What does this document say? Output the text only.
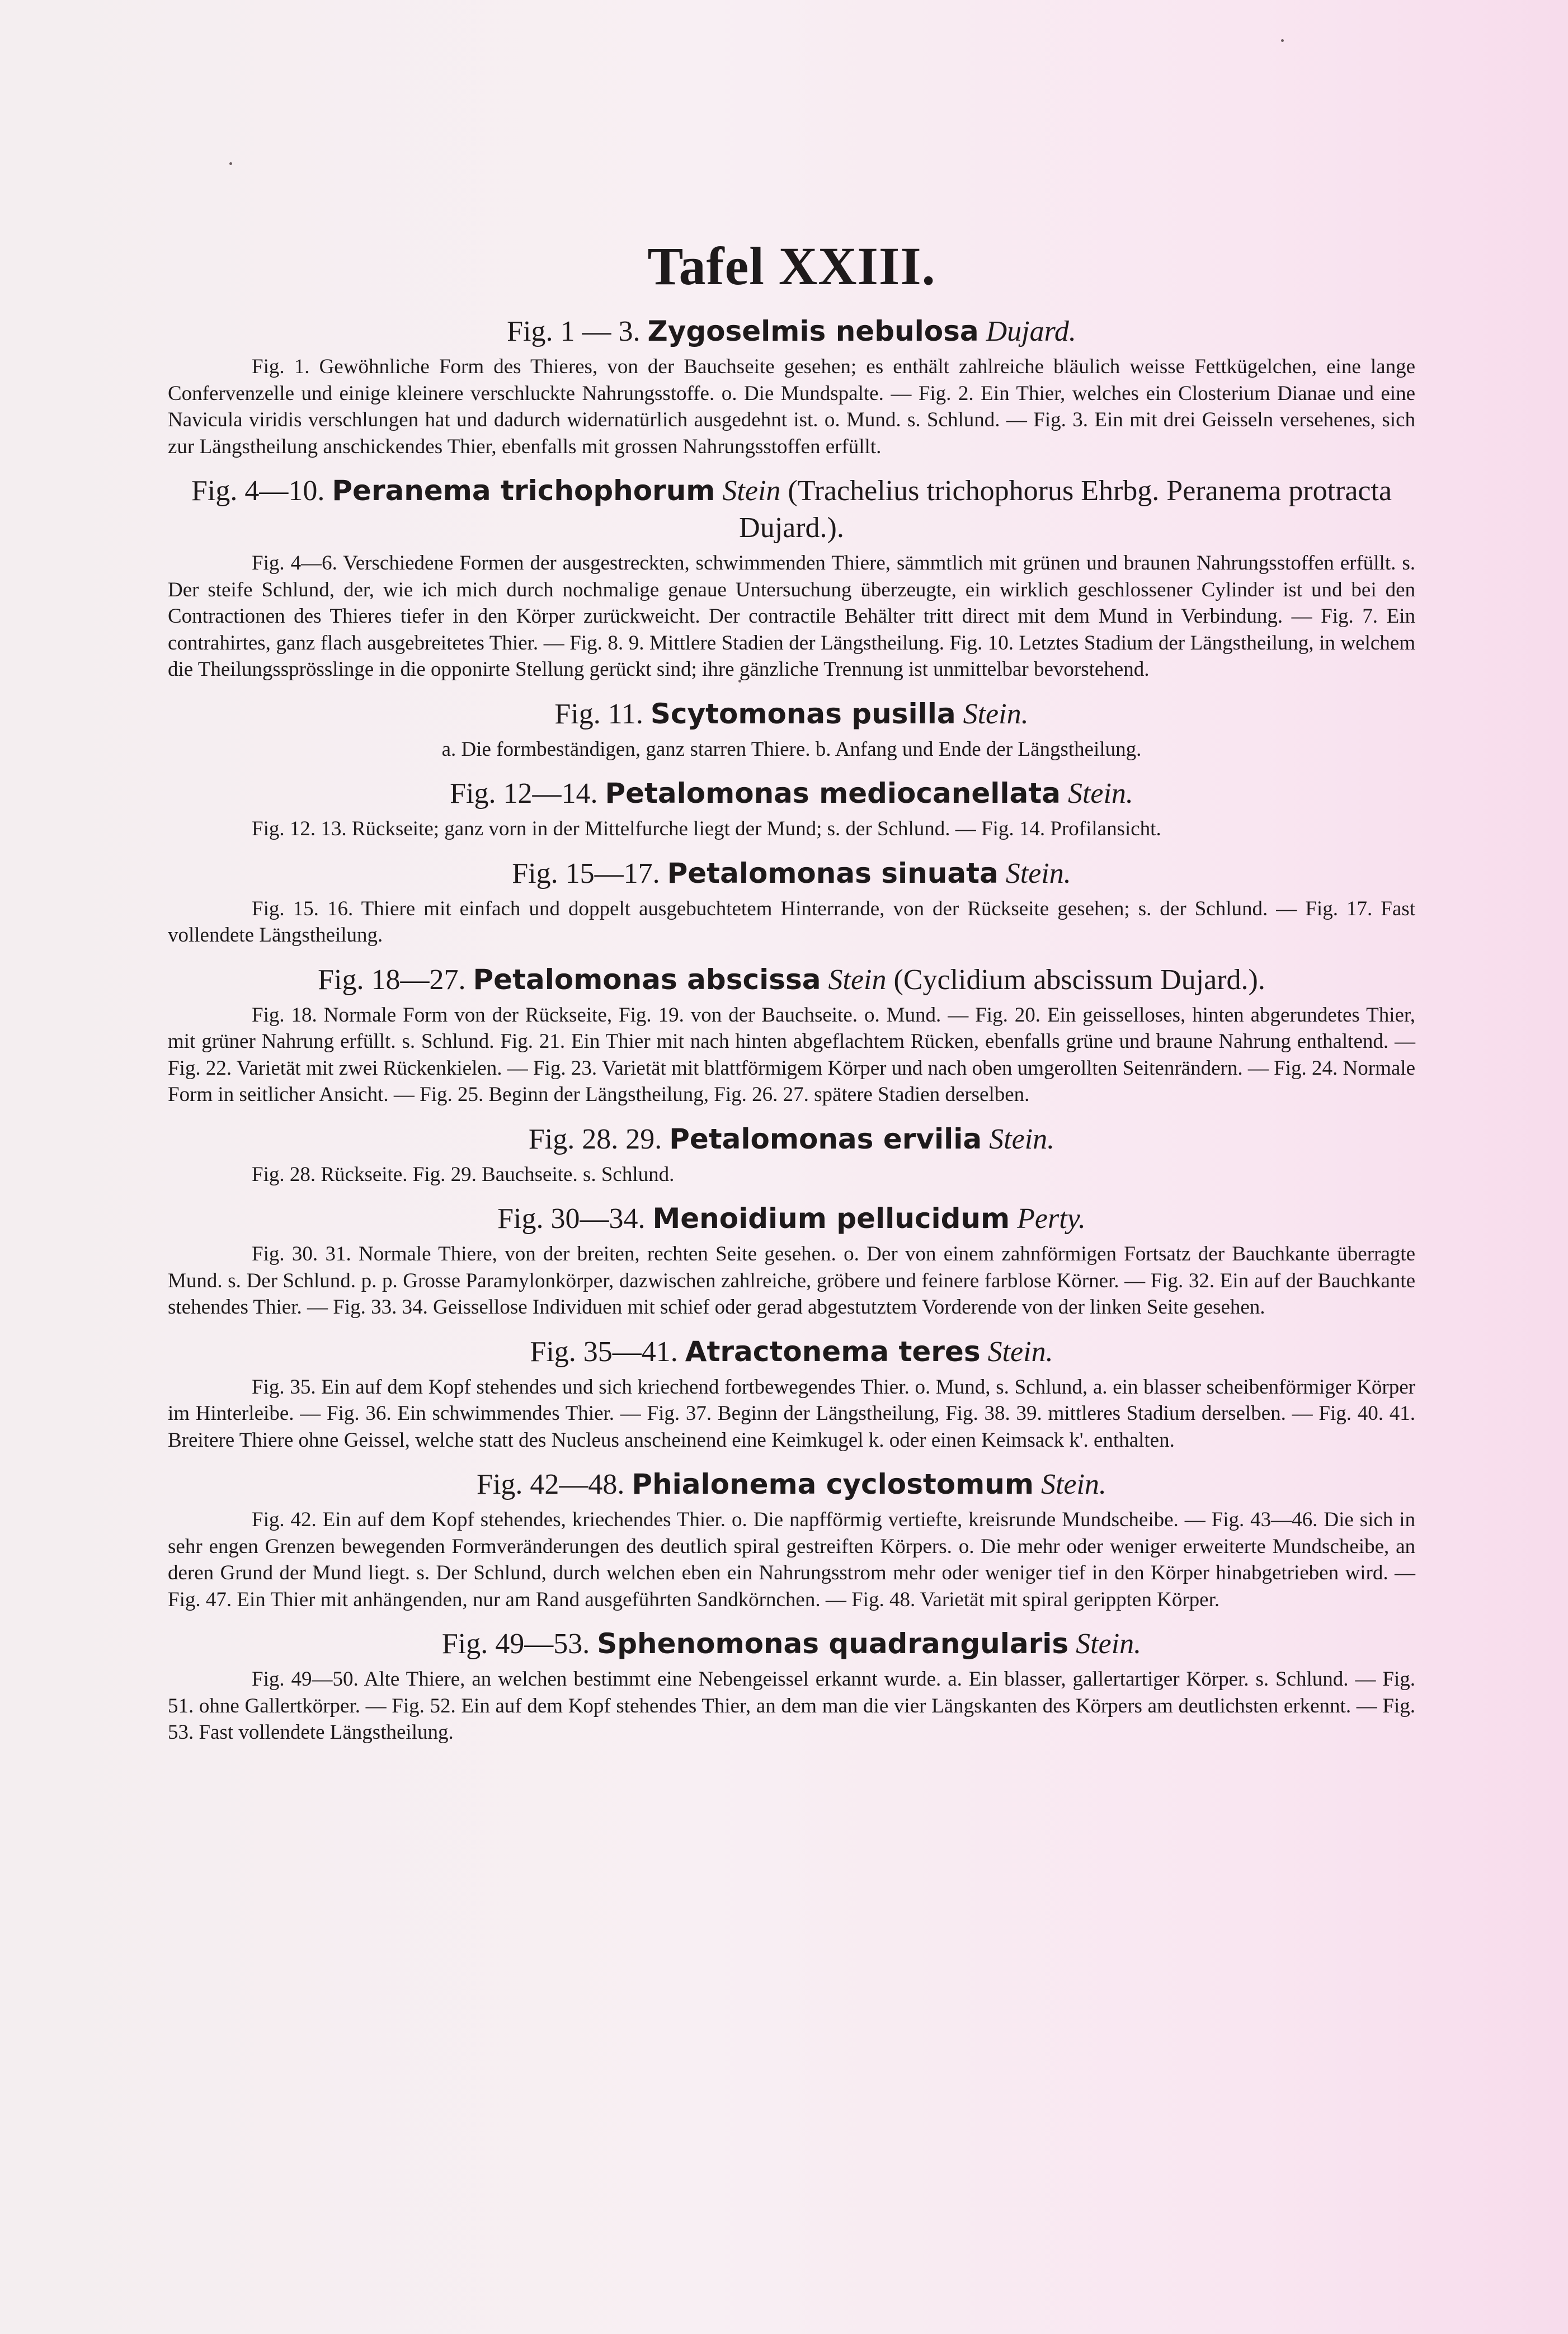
Tafel XXIII.
Fig. 1 — 3. Zygoselmis nebulosa Dujard.

Fig. 1. Gewöhnliche Form des Thieres, von der Bauchseite gesehen; es enthält zahlreiche bläulich weisse Fettkügelchen, eine lange Confervenzelle und einige kleinere verschluckte Nahrungsstoffe. o. Die Mundspalte. — Fig. 2. Ein Thier, welches ein Closterium Dianae und eine Navicula viridis verschlungen hat und dadurch widernatürlich ausgedehnt ist. o. Mund. s. Schlund. — Fig. 3. Ein mit drei Geisseln versehenes, sich zur Längstheilung anschickendes Thier, ebenfalls mit grossen Nahrungsstoffen erfüllt.

Fig. 4—10. Peranema trichophorum Stein (Trachelius trichophorus Ehrbg. Peranema protracta Dujard.).

Fig. 4—6. Verschiedene Formen der ausgestreckten, schwimmenden Thiere, sämmtlich mit grünen und braunen Nahrungsstoffen erfüllt. s. Der steife Schlund, der, wie ich mich durch nochmalige genaue Untersuchung überzeugte, ein wirklich geschlossener Cylinder ist und bei den Contractionen des Thieres tiefer in den Körper zurückweicht. Der contractile Behälter tritt direct mit dem Mund in Verbindung. — Fig. 7. Ein contrahirtes, ganz flach ausgebreitetes Thier. — Fig. 8. 9. Mittlere Stadien der Längstheilung. Fig. 10. Letztes Stadium der Längstheilung, in welchem die Theilungssprösslinge in die opponirte Stellung gerückt sind; ihre gänzliche Trennung ist unmittelbar bevorstehend.

Fig. 11. Scytomonas pusilla Stein.

a. Die formbeständigen, ganz starren Thiere. b. Anfang und Ende der Längstheilung.

Fig. 12—14. Petalomonas mediocanellata Stein.

Fig. 12. 13. Rückseite; ganz vorn in der Mittelfurche liegt der Mund; s. der Schlund. — Fig. 14. Profilansicht.

Fig. 15—17. Petalomonas sinuata Stein.

Fig. 15. 16. Thiere mit einfach und doppelt ausgebuchtetem Hinterrande, von der Rückseite gesehen; s. der Schlund. — Fig. 17. Fast vollendete Längstheilung.

Fig. 18—27. Petalomonas abscissa Stein (Cyclidium abscissum Dujard.).

Fig. 18. Normale Form von der Rückseite, Fig. 19. von der Bauchseite. o. Mund. — Fig. 20. Ein geisselloses, hinten abgerundetes Thier, mit grüner Nahrung erfüllt. s. Schlund. Fig. 21. Ein Thier mit nach hinten abgeflachtem Rücken, ebenfalls grüne und braune Nahrung enthaltend. — Fig. 22. Varietät mit zwei Rückenkielen. — Fig. 23. Varietät mit blattförmigem Körper und nach oben umgerollten Seitenrändern. — Fig. 24. Normale Form in seitlicher Ansicht. — Fig. 25. Beginn der Längstheilung, Fig. 26. 27. spätere Stadien derselben.

Fig. 28. 29. Petalomonas ervilia Stein.

Fig. 28. Rückseite. Fig. 29. Bauchseite. s. Schlund.

Fig. 30—34. Menoidium pellucidum Perty.

Fig. 30. 31. Normale Thiere, von der breiten, rechten Seite gesehen. o. Der von einem zahnförmigen Fortsatz der Bauchkante überragte Mund. s. Der Schlund. p. p. Grosse Paramylonkörper, dazwischen zahlreiche, gröbere und feinere farblose Körner. — Fig. 32. Ein auf der Bauchkante stehendes Thier. — Fig. 33. 34. Geissellose Individuen mit schief oder gerad abgestutztem Vorderende von der linken Seite gesehen.

Fig. 35—41. Atractonema teres Stein.

Fig. 35. Ein auf dem Kopf stehendes und sich kriechend fortbewegendes Thier. o. Mund, s. Schlund, a. ein blasser scheibenförmiger Körper im Hinterleibe. — Fig. 36. Ein schwimmendes Thier. — Fig. 37. Beginn der Längstheilung, Fig. 38. 39. mittleres Stadium derselben. — Fig. 40. 41. Breitere Thiere ohne Geissel, welche statt des Nucleus anscheinend eine Keimkugel k. oder einen Keimsack k'. enthalten.

Fig. 42—48. Phialonema cyclostomum Stein.

Fig. 42. Ein auf dem Kopf stehendes, kriechendes Thier. o. Die napfförmig vertiefte, kreisrunde Mundscheibe. — Fig. 43—46. Die sich in sehr engen Grenzen bewegenden Formveränderungen des deutlich spiral gestreiften Körpers. o. Die mehr oder weniger erweiterte Mundscheibe, an deren Grund der Mund liegt. s. Der Schlund, durch welchen eben ein Nahrungsstrom mehr oder weniger tief in den Körper hinabgetrieben wird. — Fig. 47. Ein Thier mit anhängenden, nur am Rand ausgeführten Sandkörnchen. — Fig. 48. Varietät mit spiral gerippten Körper.

Fig. 49—53. Sphenomonas quadrangularis Stein.

Fig. 49—50. Alte Thiere, an welchen bestimmt eine Nebengeissel erkannt wurde. a. Ein blasser, gallertartiger Körper. s. Schlund. — Fig. 51. ohne Gallertkörper. — Fig. 52. Ein auf dem Kopf stehendes Thier, an dem man die vier Längskanten des Körpers am deutlichsten erkennt. — Fig. 53. Fast vollendete Längstheilung.
